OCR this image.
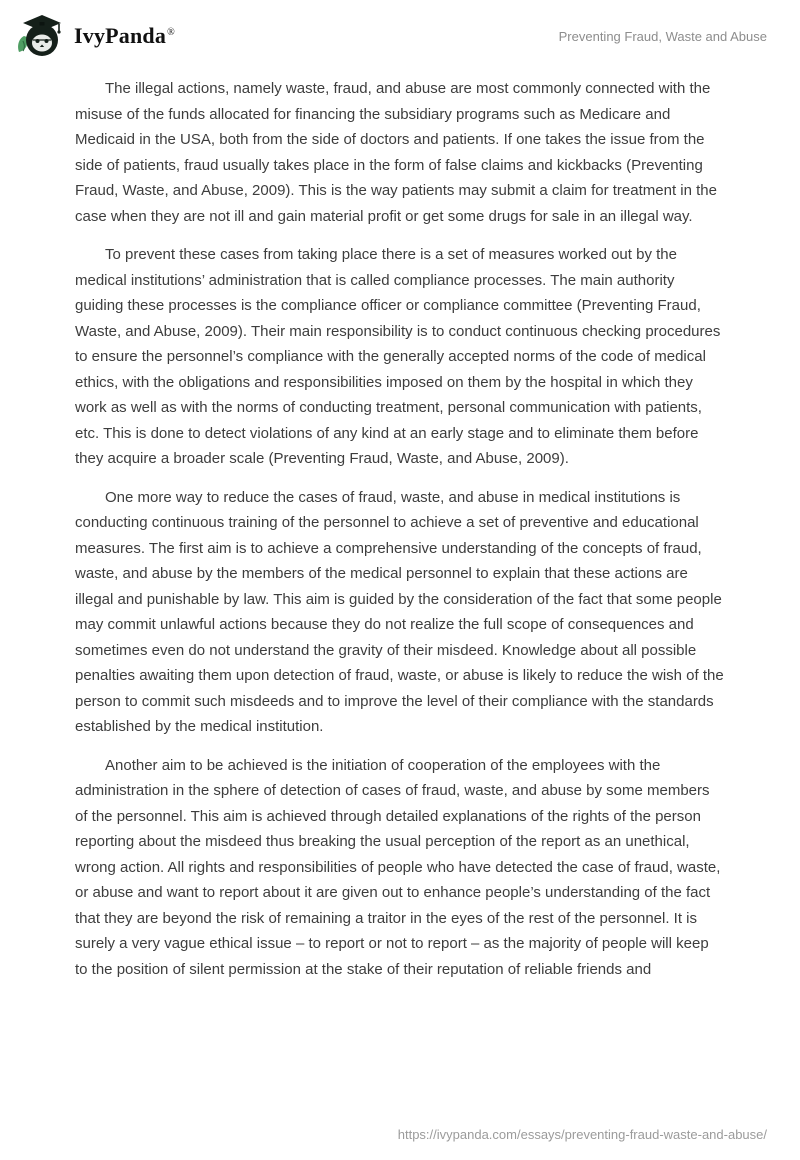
IvyPanda®	Preventing Fraud, Waste and Abuse

The illegal actions, namely waste, fraud, and abuse are most commonly connected with the misuse of the funds allocated for financing the subsidiary programs such as Medicare and Medicaid in the USA, both from the side of doctors and patients. If one takes the issue from the side of patients, fraud usually takes place in the form of false claims and kickbacks (Preventing Fraud, Waste, and Abuse, 2009). This is the way patients may submit a claim for treatment in the case when they are not ill and gain material profit or get some drugs for sale in an illegal way.

To prevent these cases from taking place there is a set of measures worked out by the medical institutions’ administration that is called compliance processes. The main authority guiding these processes is the compliance officer or compliance committee (Preventing Fraud, Waste, and Abuse, 2009). Their main responsibility is to conduct continuous checking procedures to ensure the personnel’s compliance with the generally accepted norms of the code of medical ethics, with the obligations and responsibilities imposed on them by the hospital in which they work as well as with the norms of conducting treatment, personal communication with patients, etc. This is done to detect violations of any kind at an early stage and to eliminate them before they acquire a broader scale (Preventing Fraud, Waste, and Abuse, 2009).

One more way to reduce the cases of fraud, waste, and abuse in medical institutions is conducting continuous training of the personnel to achieve a set of preventive and educational measures. The first aim is to achieve a comprehensive understanding of the concepts of fraud, waste, and abuse by the members of the medical personnel to explain that these actions are illegal and punishable by law. This aim is guided by the consideration of the fact that some people may commit unlawful actions because they do not realize the full scope of consequences and sometimes even do not understand the gravity of their misdeed. Knowledge about all possible penalties awaiting them upon detection of fraud, waste, or abuse is likely to reduce the wish of the person to commit such misdeeds and to improve the level of their compliance with the standards established by the medical institution.

Another aim to be achieved is the initiation of cooperation of the employees with the administration in the sphere of detection of cases of fraud, waste, and abuse by some members of the personnel. This aim is achieved through detailed explanations of the rights of the person reporting about the misdeed thus breaking the usual perception of the report as an unethical, wrong action. All rights and responsibilities of people who have detected the case of fraud, waste, or abuse and want to report about it are given out to enhance people’s understanding of the fact that they are beyond the risk of remaining a traitor in the eyes of the rest of the personnel. It is surely a very vague ethical issue – to report or not to report – as the majority of people will keep to the position of silent permission at the stake of their reputation of reliable friends and

https://ivypanda.com/essays/preventing-fraud-waste-and-abuse/
